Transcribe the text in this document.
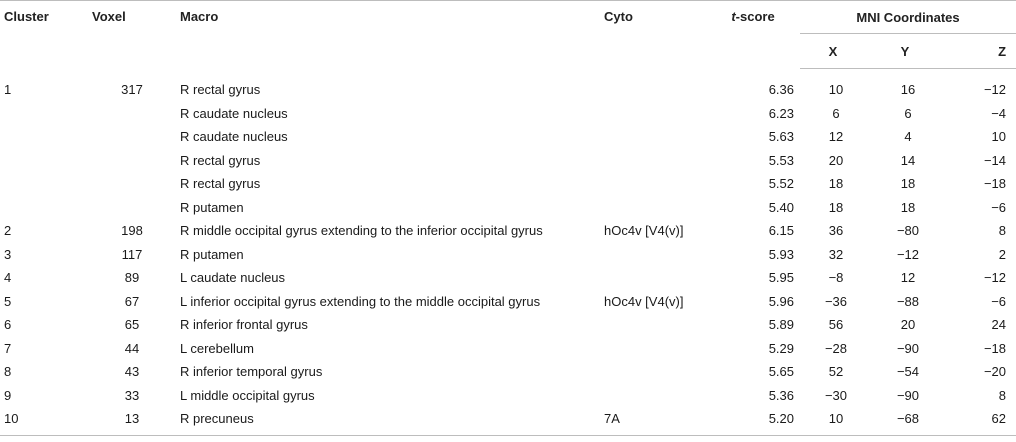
Cluster	Voxel	Macro	Cyto	t-score	MNI Coordinates		
					X	Y	Z
1	317	R rectal gyrus		6.36	10	16	−12
		R caudate nucleus		6.23	6	6	−4
		R caudate nucleus		5.63	12	4	10
		R rectal gyrus		5.53	20	14	−14
		R rectal gyrus		5.52	18	18	−18
		R putamen		5.40	18	18	−6
2	198	R middle occipital gyrus extending to the inferior occipital gyrus	hOc4v [V4(v)]	6.15	36	−80	8
3	117	R putamen		5.93	32	−12	2
4	89	L caudate nucleus		5.95	−8	12	−12
5	67	L inferior occipital gyrus extending to the middle occipital gyrus	hOc4v [V4(v)]	5.96	−36	−88	−6
6	65	R inferior frontal gyrus		5.89	56	20	24
7	44	L cerebellum		5.29	−28	−90	−18
8	43	R inferior temporal gyrus		5.65	52	−54	−20
9	33	L middle occipital gyrus		5.36	−30	−90	8
10	13	R precuneus	7A	5.20	10	−68	62
